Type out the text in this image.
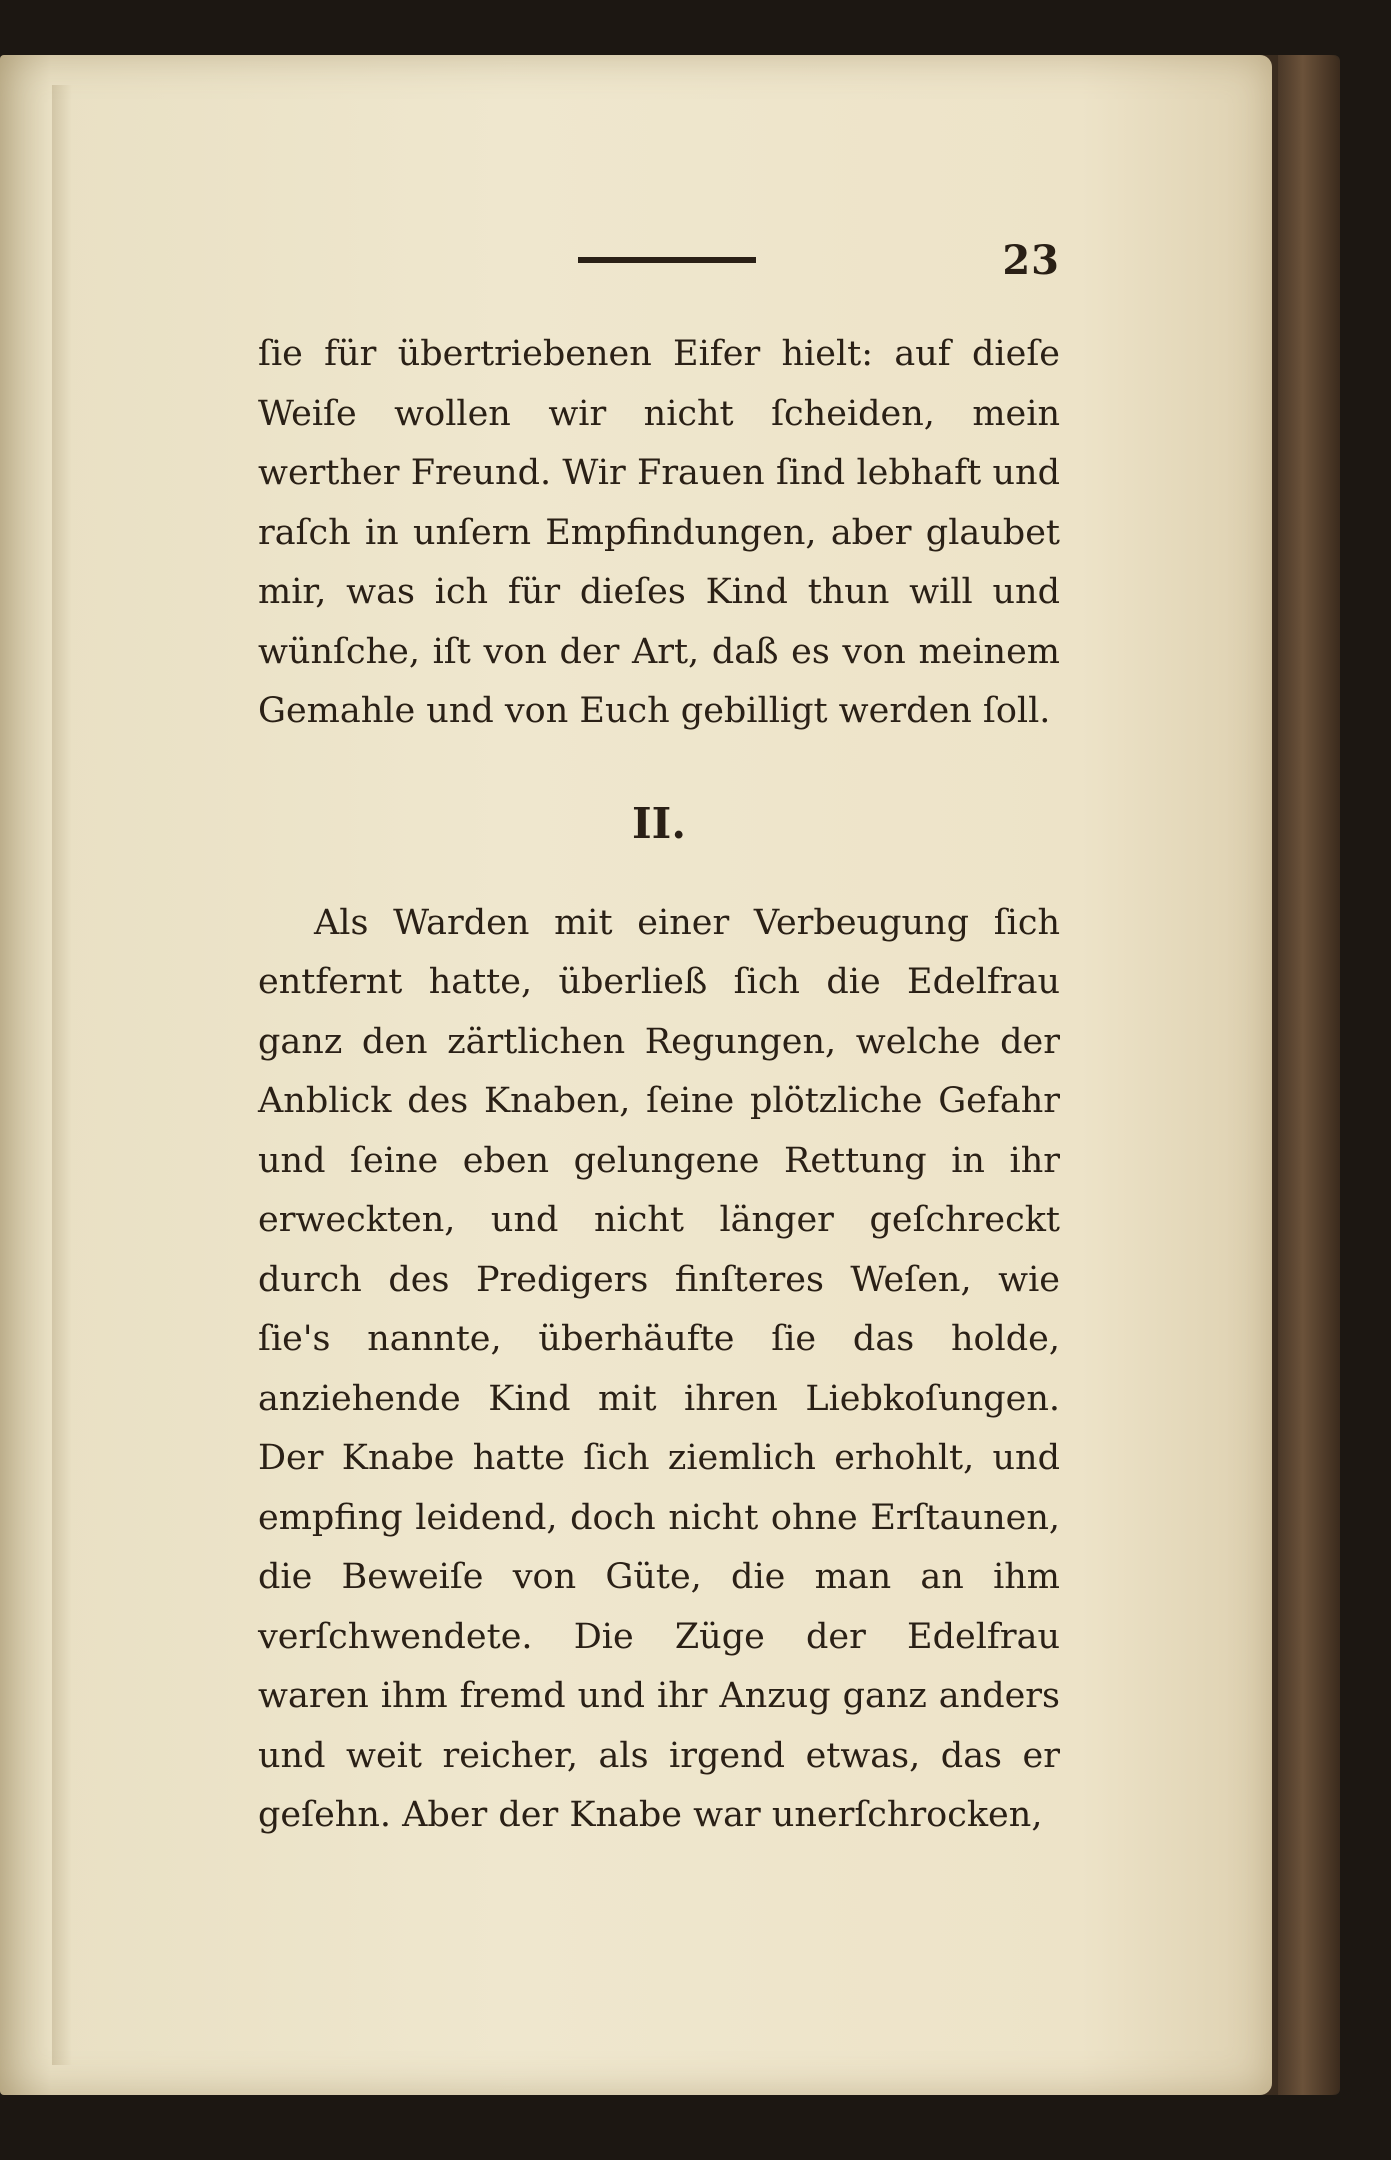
23

ſie für übertriebenen Eifer hielt: auf dieſe Weiſe wollen wir nicht ſcheiden, mein werther Freund. Wir Frauen ſind lebhaft und raſch in unſern Empfindungen, aber glaubet mir, was ich für dieſes Kind thun will und wünſche, iſt von der Art, daß es von meinem Gemahle und von Euch gebilligt werden ſoll.

II.

Als Warden mit einer Verbeugung ſich entfernt hatte, überließ ſich die Edelfrau ganz den zärtlichen Regungen, welche der Anblick des Knaben, ſeine plötzliche Gefahr und ſeine eben gelungene Rettung in ihr erweckten, und nicht länger geſchreckt durch des Predigers finſteres Weſen, wie ſie's nannte, überhäufte ſie das holde, anziehende Kind mit ihren Liebkoſungen. Der Knabe hatte ſich ziemlich erhohlt, und empfing leidend, doch nicht ohne Erſtaunen, die Beweiſe von Güte, die man an ihm verſchwendete. Die Züge der Edelfrau waren ihm fremd und ihr Anzug ganz anders und weit reicher, als irgend etwas, das er geſehn. Aber der Knabe war unerſchrocken,
